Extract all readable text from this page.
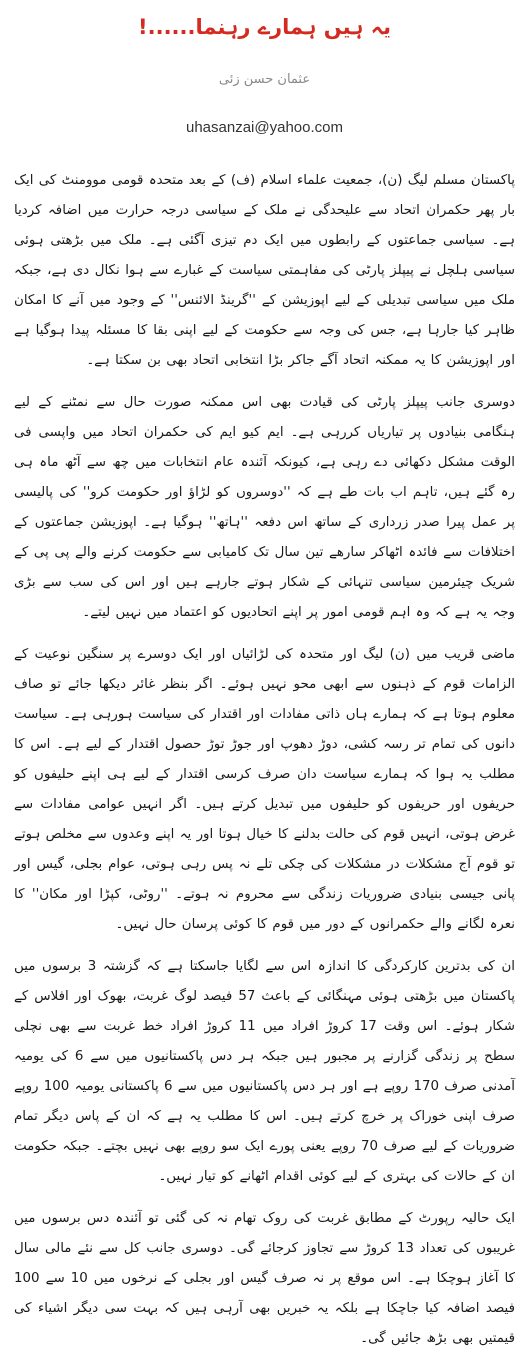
یہ ہیں ہمارے رہنما......!
عثمان حسن زئی
uhasanzai@yahoo.com

پاکستان مسلم لیگ (ن)، جمعیت علماء اسلام (ف) کے بعد متحدہ قومی موومنٹ کی ایک بار پھر حکمران اتحاد سے علیحدگی نے ملک کے سیاسی درجہ حرارت میں اضافہ کردیا ہے۔ سیاسی جماعتوں کے رابطوں میں ایک دم تیزی آگئی ہے۔ ملک میں بڑھتی ہوئی سیاسی ہلچل نے پیپلز پارٹی کی مفاہمتی سیاست کے غبارے سے ہوا نکال دی ہے، جبکہ ملک میں سیاسی تبدیلی کے لیے اپوزیشن کے ''گرینڈ الائنس'' کے وجود میں آنے کا امکان ظاہر کیا جارہا ہے، جس کی وجہ سے حکومت کے لیے اپنی بقا کا مسئلہ پیدا ہوگیا ہے اور اپوزیشن کا یہ ممکنہ اتحاد آگے جاکر بڑا انتخابی اتحاد بھی بن سکتا ہے۔

دوسری جانب پیپلز پارٹی کی قیادت بھی اس ممکنہ صورت حال سے نمٹنے کے لیے ہنگامی بنیادوں پر تیاریاں کررہی ہے۔ ایم کیو ایم کی حکمران اتحاد میں واپسی فی الوقت مشکل دکھائی دے رہی ہے، کیونکہ آئندہ عام انتخابات میں چھ سے آٹھ ماہ ہی رہ گئے ہیں، تاہم اب بات طے ہے کہ ''دوسروں کو لڑاؤ اور حکومت کرو'' کی پالیسی پر عمل پیرا صدر زرداری کے ساتھ اس دفعہ ''ہاتھ'' ہوگیا ہے۔ اپوزیشن جماعتوں کے اختلافات سے فائدہ اٹھاکر سارھے تین سال تک کامیابی سے حکومت کرنے والے پی پی کے شریک چیئرمین سیاسی تنہائی کے شکار ہوتے جارہے ہیں اور اس کی سب سے بڑی وجہ یہ ہے کہ وہ اہم قومی امور پر اپنے اتحادیوں کو اعتماد میں نہیں لیتے۔

ماضی قریب میں (ن) لیگ اور متحدہ کی لڑائیاں اور ایک دوسرے پر سنگین نوعیت کے الزامات قوم کے ذہنوں سے ابھی محو نہیں ہوئے۔ اگر بنظر غائر دیکھا جائے تو صاف معلوم ہوتا ہے کہ ہمارے ہاں ذاتی مفادات اور اقتدار کی سیاست ہورہی ہے۔ سیاست دانوں کی تمام تر رسہ کشی، دوڑ دھوپ اور جوڑ توڑ حصول اقتدار کے لیے ہے۔ اس کا مطلب یہ ہوا کہ ہمارے سیاست دان صرف کرسی اقتدار کے لیے ہی اپنے حلیفوں کو حریفوں اور حریفوں کو حلیفوں میں تبدیل کرتے ہیں۔ اگر انہیں عوامی مفادات سے غرض ہوتی، انہیں قوم کی حالت بدلنے کا خیال ہوتا اور یہ اپنے وعدوں سے مخلص ہوتے تو قوم آج مشکلات در مشکلات کی چکی تلے نہ پس رہی ہوتی، عوام بجلی، گیس اور پانی جیسی بنیادی ضروریات زندگی سے محروم نہ ہوتے۔ ''روٹی، کپڑا اور مکان'' کا نعرہ لگانے والے حکمرانوں کے دور میں قوم کا کوئی پرسان حال نہیں۔

ان کی بدترین کارکردگی کا اندازہ اس سے لگایا جاسکتا ہے کہ گزشتہ 3 برسوں میں پاکستان میں بڑھتی ہوئی مہنگائی کے باعث 57 فیصد لوگ غربت، بھوک اور افلاس کے شکار ہوئے۔ اس وقت 17 کروڑ افراد میں 11 کروڑ افراد خط غربت سے بھی نچلی سطح پر زندگی گزارنے پر مجبور ہیں جبکہ ہر دس پاکستانیوں میں سے 6 کی یومیہ آمدنی صرف 170 روپے ہے اور ہر دس پاکستانیوں میں سے 6 پاکستانی یومیہ 100 روپے صرف اپنی خوراک پر خرچ کرتے ہیں۔ اس کا مطلب یہ ہے کہ ان کے پاس دیگر تمام ضروریات کے لیے صرف 70 روپے یعنی پورے ایک سو روپے بھی نہیں بچتے۔ جبکہ حکومت ان کے حالات کی بہتری کے لیے کوئی اقدام اٹھانے کو تیار نہیں۔

ایک حالیہ رپورٹ کے مطابق غربت کی روک تھام نہ کی گئی تو آئندہ دس برسوں میں غریبوں کی تعداد 13 کروڑ سے تجاوز کرجائے گی۔ دوسری جانب کل سے نئے مالی سال کا آغاز ہوچکا ہے۔ اس موقع پر نہ صرف گیس اور بجلی کے نرخوں میں 10 سے 100 فیصد اضافہ کیا جاچکا ہے بلکہ یہ خبریں بھی آرہی ہیں کہ بہت سی دیگر اشیاء کی قیمتیں بھی بڑھ جائیں گی۔
